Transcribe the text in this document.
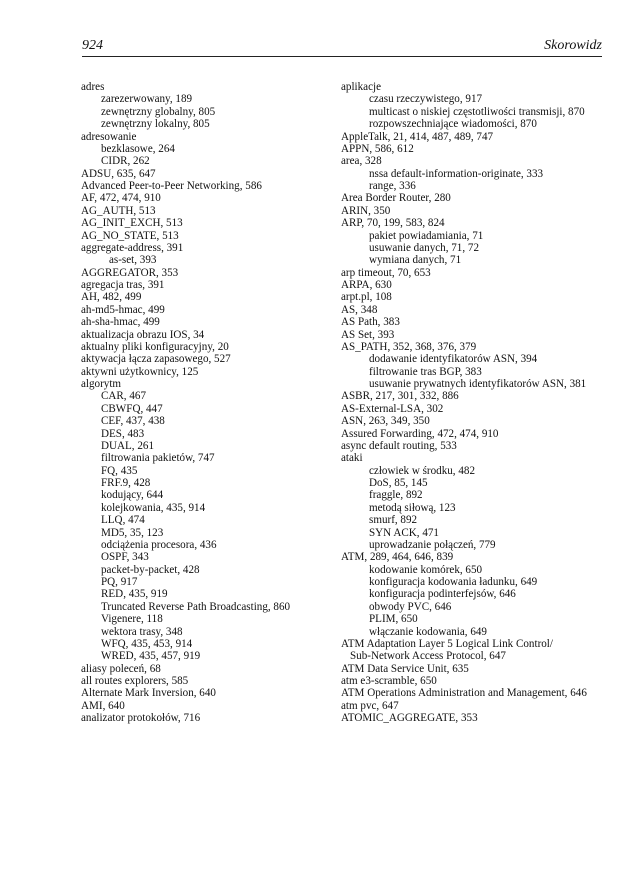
924	Skorowidz
adres
zarezerwowany, 189
zewnętrzny globalny, 805
zewnętrzny lokalny, 805
adresowanie
bezklasowe, 264
CIDR, 262
ADSU, 635, 647
Advanced Peer-to-Peer Networking, 586
AF, 472, 474, 910
AG_AUTH, 513
AG_INIT_EXCH, 513
AG_NO_STATE, 513
aggregate-address, 391
as-set, 393
AGGREGATOR, 353
agregacja tras, 391
AH, 482, 499
ah-md5-hmac, 499
ah-sha-hmac, 499
aktualizacja obrazu IOS, 34
aktualny pliki konfiguracyjny, 20
aktywacja łącza zapasowego, 527
aktywni użytkownicy, 125
algorytm
CAR, 467
CBWFQ, 447
CEF, 437, 438
DES, 483
DUAL, 261
filtrowania pakietów, 747
FQ, 435
FRF.9, 428
kodujący, 644
kolejkowania, 435, 914
LLQ, 474
MD5, 35, 123
odciążenia procesora, 436
OSPF, 343
packet-by-packet, 428
PQ, 917
RED, 435, 919
Truncated Reverse Path Broadcasting, 860
Vigenere, 118
wektora trasy, 348
WFQ, 435, 453, 914
WRED, 435, 457, 919
aliasy poleceń, 68
all routes explorers, 585
Alternate Mark Inversion, 640
AMI, 640
analizator protokołów, 716
aplikacje
czasu rzeczywistego, 917
multicast o niskiej częstotliwości transmisji, 870
rozpowszechniające wiadomości, 870
AppleTalk, 21, 414, 487, 489, 747
APPN, 586, 612
area, 328
nssa default-information-originate, 333
range, 336
Area Border Router, 280
ARIN, 350
ARP, 70, 199, 583, 824
pakiet powiadamiania, 71
usuwanie danych, 71, 72
wymiana danych, 71
arp timeout, 70, 653
ARPA, 630
arpt.pl, 108
AS, 348
AS Path, 383
AS Set, 393
AS_PATH, 352, 368, 376, 379
dodawanie identyfikatorów ASN, 394
filtrowanie tras BGP, 383
usuwanie prywatnych identyfikatorów ASN, 381
ASBR, 217, 301, 332, 886
AS-External-LSA, 302
ASN, 263, 349, 350
Assured Forwarding, 472, 474, 910
async default routing, 533
ataki
człowiek w środku, 482
DoS, 85, 145
fraggle, 892
metodą siłową, 123
smurf, 892
SYN ACK, 471
uprowadzanie połączeń, 779
ATM, 289, 464, 646, 839
kodowanie komórek, 650
konfiguracja kodowania ładunku, 649
konfiguracja podinterfejsów, 646
obwody PVC, 646
PLIM, 650
włączanie kodowania, 649
ATM Adaptation Layer 5 Logical Link Control/
Sub-Network Access Protocol, 647
ATM Data Service Unit, 635
atm e3-scramble, 650
ATM Operations Administration and Management, 646
atm pvc, 647
ATOMIC_AGGREGATE, 353
